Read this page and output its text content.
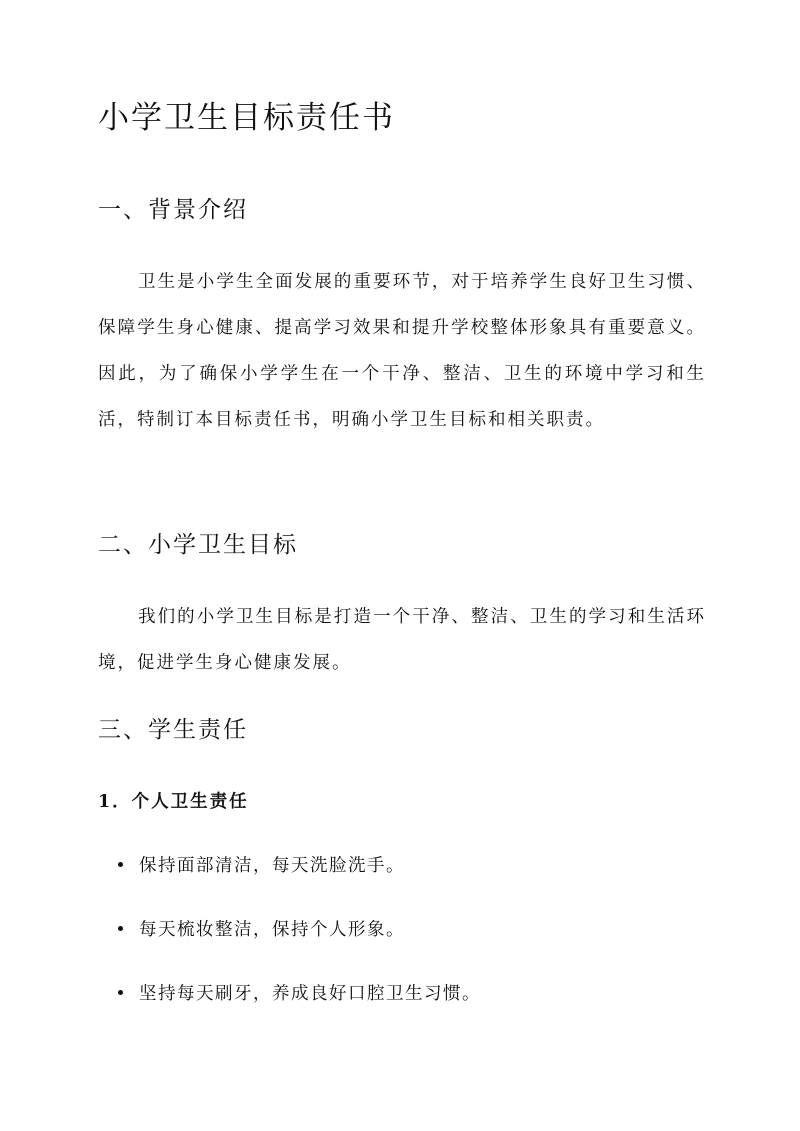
小学卫生目标责任书
一、背景介绍

卫生是小学生全面发展的重要环节，对于培养学生良好卫生习惯、保障学生身心健康、提高学习效果和提升学校整体形象具有重要意义。因此，为了确保小学学生在一个干净、整洁、卫生的环境中学习和生活，特制订本目标责任书，明确小学卫生目标和相关职责。

二、小学卫生目标

我们的小学卫生目标是打造一个干净、整洁、卫生的学习和生活环境，促进学生身心健康发展。

三、学生责任
1．个人卫生责任
保持面部清洁，每天洗脸洗手。
每天梳妆整洁，保持个人形象。
坚持每天刷牙，养成良好口腔卫生习惯。
